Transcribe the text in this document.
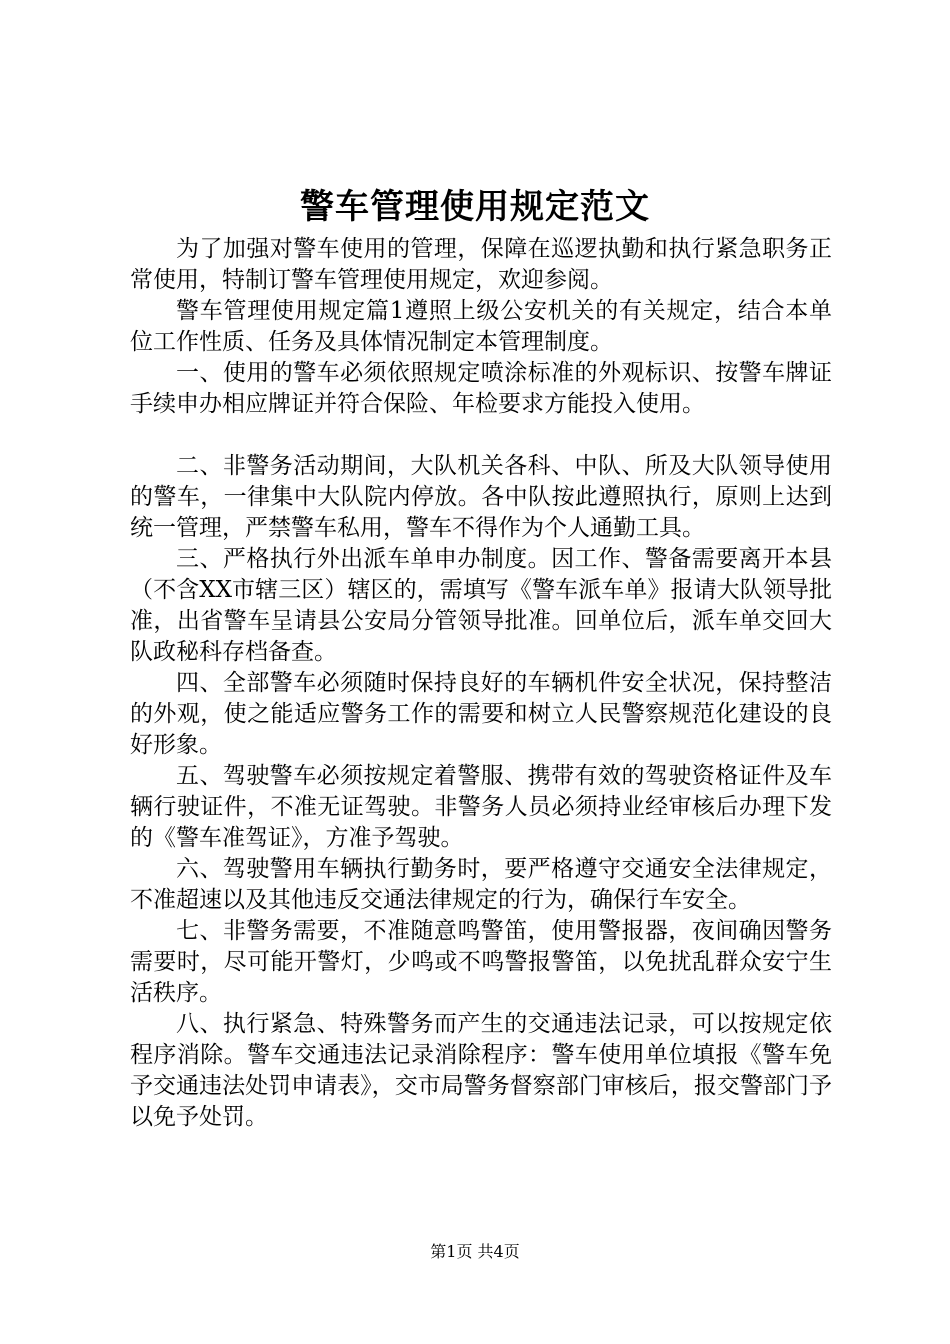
警车管理使用规定范文

为了加强对警车使用的管理，保障在巡逻执勤和执行紧急职务正常使用，特制订警车管理使用规定，欢迎参阅。

警车管理使用规定篇1遵照上级公安机关的有关规定，结合本单位工作性质、任务及具体情况制定本管理制度。

一、使用的警车必须依照规定喷涂标准的外观标识、按警车牌证手续申办相应牌证并符合保险、年检要求方能投入使用。

二、非警务活动期间，大队机关各科、中队、所及大队领导使用的警车，一律集中大队院内停放。各中队按此遵照执行，原则上达到统一管理，严禁警车私用，警车不得作为个人通勤工具。

三、严格执行外出派车单申办制度。因工作、警备需要离开本县（不含XX市辖三区）辖区的，需填写《警车派车单》报请大队领导批准，出省警车呈请县公安局分管领导批准。回单位后，派车单交回大队政秘科存档备查。

四、全部警车必须随时保持良好的车辆机件安全状况，保持整洁的外观，使之能适应警务工作的需要和树立人民警察规范化建设的良好形象。

五、驾驶警车必须按规定着警服、携带有效的驾驶资格证件及车辆行驶证件，不准无证驾驶。非警务人员必须持业经审核后办理下发的《警车准驾证》，方准予驾驶。

六、驾驶警用车辆执行勤务时，要严格遵守交通安全法律规定，不准超速以及其他违反交通法律规定的行为，确保行车安全。

七、非警务需要，不准随意鸣警笛，使用警报器，夜间确因警务需要时，尽可能开警灯，少鸣或不鸣警报警笛，以免扰乱群众安宁生活秩序。

八、执行紧急、特殊警务而产生的交通违法记录，可以按规定依程序消除。警车交通违法记录消除程序：警车使用单位填报《警车免予交通违法处罚申请表》，交市局警务督察部门审核后，报交警部门予以免予处罚。

第1页 共4页
